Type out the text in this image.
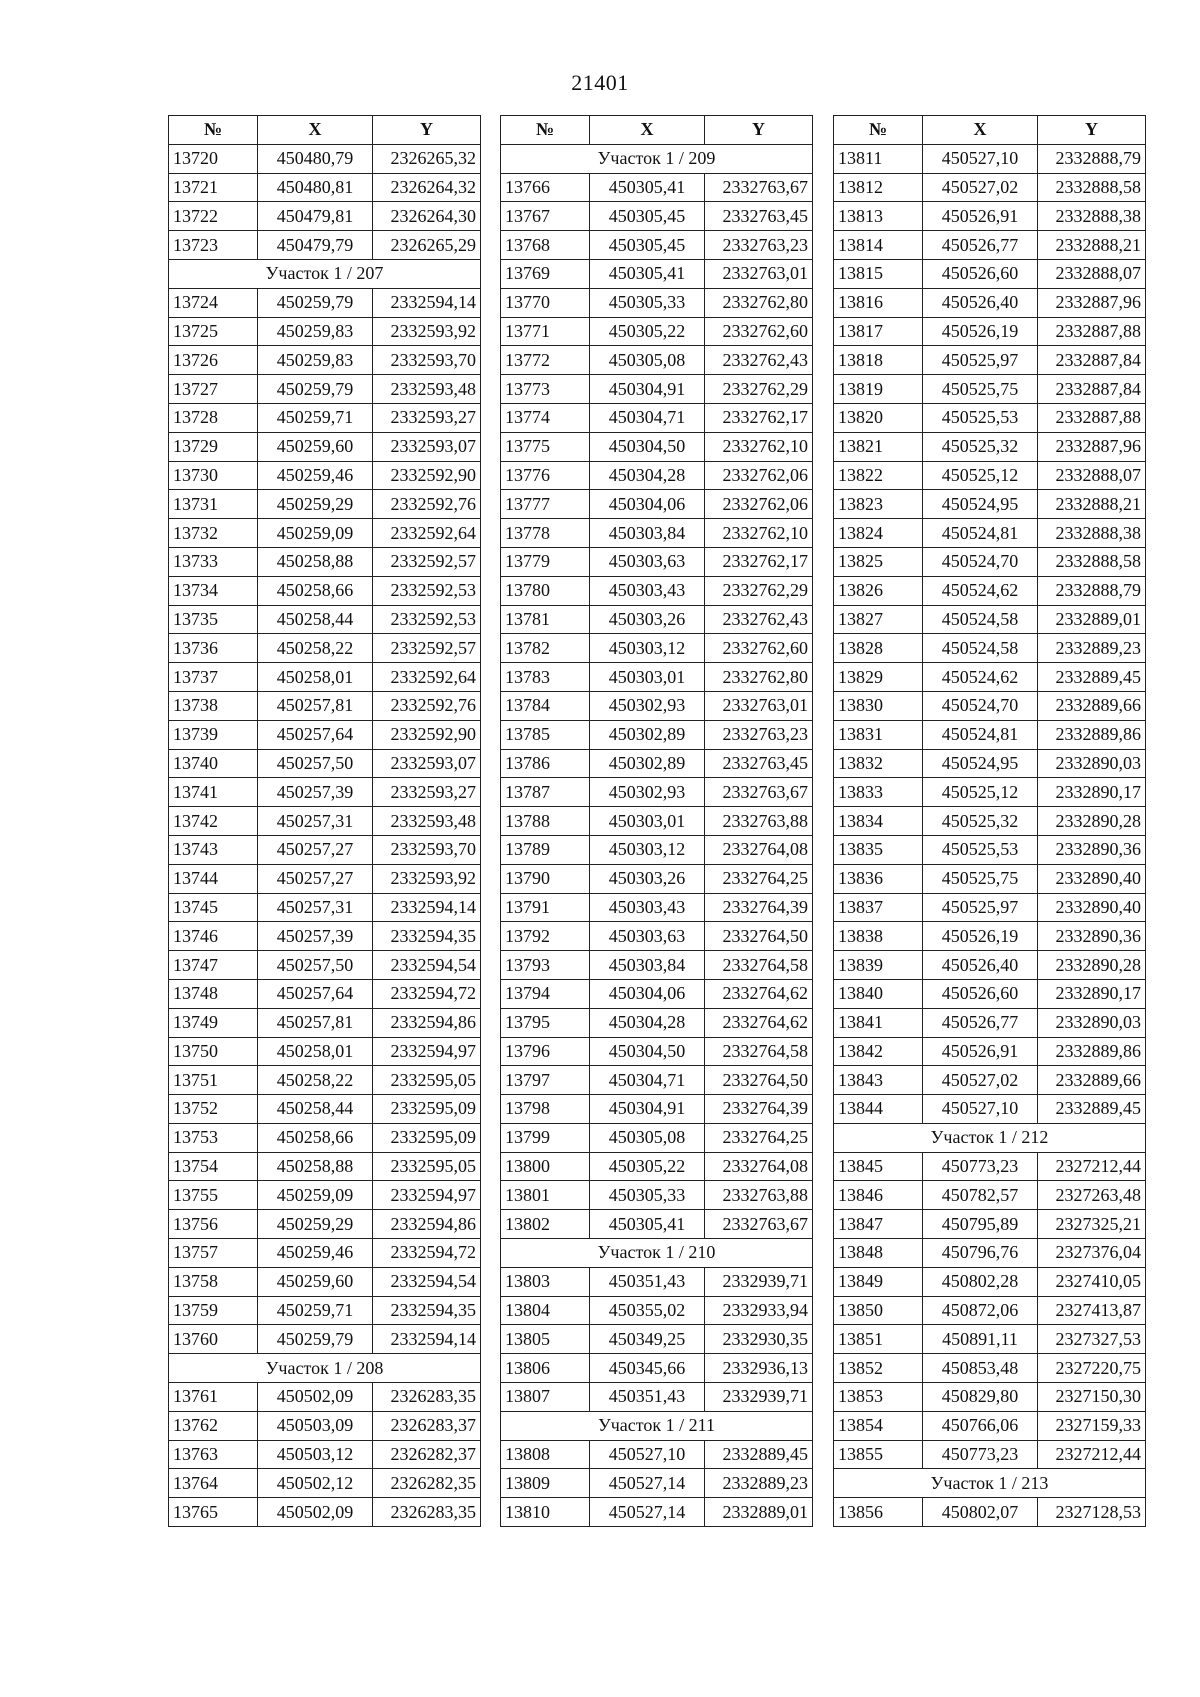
21401
№	X	Y
13720	450480,79	2326265,32
13721	450480,81	2326264,32
13722	450479,81	2326264,30
13723	450479,79	2326265,29
Участок 1 / 207		
13724	450259,79	2332594,14
13725	450259,83	2332593,92
13726	450259,83	2332593,70
13727	450259,79	2332593,48
13728	450259,71	2332593,27
13729	450259,60	2332593,07
13730	450259,46	2332592,90
13731	450259,29	2332592,76
13732	450259,09	2332592,64
13733	450258,88	2332592,57
13734	450258,66	2332592,53
13735	450258,44	2332592,53
13736	450258,22	2332592,57
13737	450258,01	2332592,64
13738	450257,81	2332592,76
13739	450257,64	2332592,90
13740	450257,50	2332593,07
13741	450257,39	2332593,27
13742	450257,31	2332593,48
13743	450257,27	2332593,70
13744	450257,27	2332593,92
13745	450257,31	2332594,14
13746	450257,39	2332594,35
13747	450257,50	2332594,54
13748	450257,64	2332594,72
13749	450257,81	2332594,86
13750	450258,01	2332594,97
13751	450258,22	2332595,05
13752	450258,44	2332595,09
13753	450258,66	2332595,09
13754	450258,88	2332595,05
13755	450259,09	2332594,97
13756	450259,29	2332594,86
13757	450259,46	2332594,72
13758	450259,60	2332594,54
13759	450259,71	2332594,35
13760	450259,79	2332594,14
Участок 1 / 208		
13761	450502,09	2326283,35
13762	450503,09	2326283,37
13763	450503,12	2326282,37
13764	450502,12	2326282,35
13765	450502,09	2326283,35
№	X	Y
Участок 1 / 209		
13766	450305,41	2332763,67
13767	450305,45	2332763,45
13768	450305,45	2332763,23
13769	450305,41	2332763,01
13770	450305,33	2332762,80
13771	450305,22	2332762,60
13772	450305,08	2332762,43
13773	450304,91	2332762,29
13774	450304,71	2332762,17
13775	450304,50	2332762,10
13776	450304,28	2332762,06
13777	450304,06	2332762,06
13778	450303,84	2332762,10
13779	450303,63	2332762,17
13780	450303,43	2332762,29
13781	450303,26	2332762,43
13782	450303,12	2332762,60
13783	450303,01	2332762,80
13784	450302,93	2332763,01
13785	450302,89	2332763,23
13786	450302,89	2332763,45
13787	450302,93	2332763,67
13788	450303,01	2332763,88
13789	450303,12	2332764,08
13790	450303,26	2332764,25
13791	450303,43	2332764,39
13792	450303,63	2332764,50
13793	450303,84	2332764,58
13794	450304,06	2332764,62
13795	450304,28	2332764,62
13796	450304,50	2332764,58
13797	450304,71	2332764,50
13798	450304,91	2332764,39
13799	450305,08	2332764,25
13800	450305,22	2332764,08
13801	450305,33	2332763,88
13802	450305,41	2332763,67
Участок 1 / 210		
13803	450351,43	2332939,71
13804	450355,02	2332933,94
13805	450349,25	2332930,35
13806	450345,66	2332936,13
13807	450351,43	2332939,71
Участок 1 / 211		
13808	450527,10	2332889,45
13809	450527,14	2332889,23
13810	450527,14	2332889,01
№	X	Y
13811	450527,10	2332888,79
13812	450527,02	2332888,58
13813	450526,91	2332888,38
13814	450526,77	2332888,21
13815	450526,60	2332888,07
13816	450526,40	2332887,96
13817	450526,19	2332887,88
13818	450525,97	2332887,84
13819	450525,75	2332887,84
13820	450525,53	2332887,88
13821	450525,32	2332887,96
13822	450525,12	2332888,07
13823	450524,95	2332888,21
13824	450524,81	2332888,38
13825	450524,70	2332888,58
13826	450524,62	2332888,79
13827	450524,58	2332889,01
13828	450524,58	2332889,23
13829	450524,62	2332889,45
13830	450524,70	2332889,66
13831	450524,81	2332889,86
13832	450524,95	2332890,03
13833	450525,12	2332890,17
13834	450525,32	2332890,28
13835	450525,53	2332890,36
13836	450525,75	2332890,40
13837	450525,97	2332890,40
13838	450526,19	2332890,36
13839	450526,40	2332890,28
13840	450526,60	2332890,17
13841	450526,77	2332890,03
13842	450526,91	2332889,86
13843	450527,02	2332889,66
13844	450527,10	2332889,45
Участок 1 / 212		
13845	450773,23	2327212,44
13846	450782,57	2327263,48
13847	450795,89	2327325,21
13848	450796,76	2327376,04
13849	450802,28	2327410,05
13850	450872,06	2327413,87
13851	450891,11	2327327,53
13852	450853,48	2327220,75
13853	450829,80	2327150,30
13854	450766,06	2327159,33
13855	450773,23	2327212,44
Участок 1 / 213		
13856	450802,07	2327128,53
